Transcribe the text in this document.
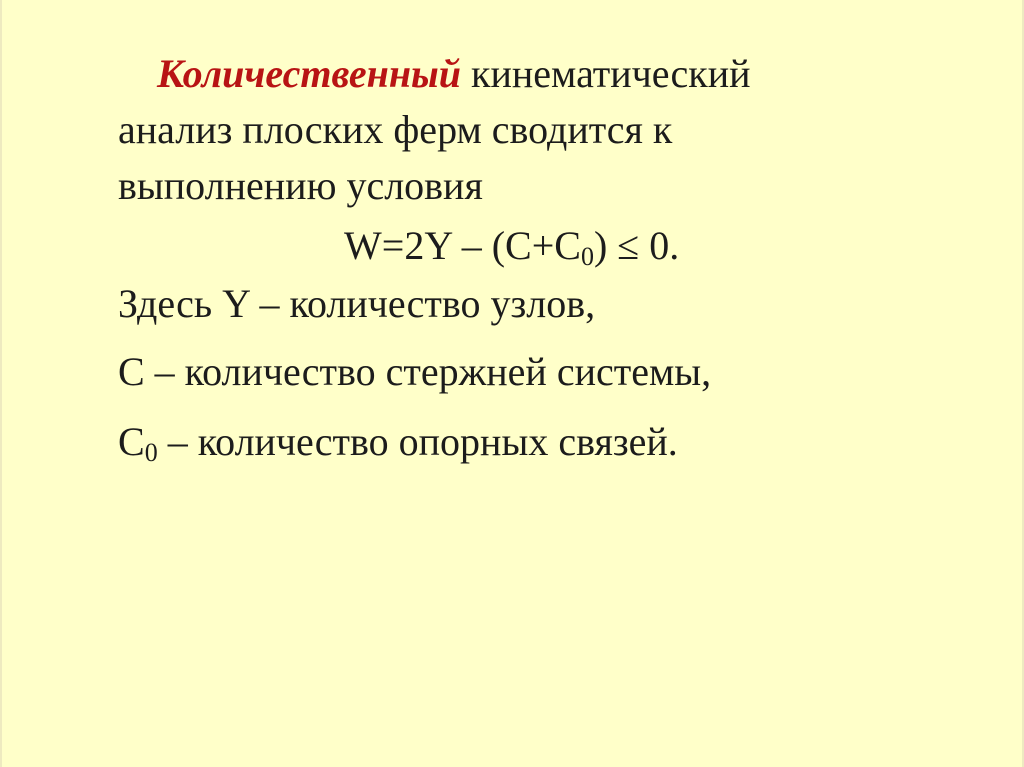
Количественный кинематический
анализ плоских ферм сводится к
выполнению условия
$W=2Y - (C+C_0) \le 0$.
Здесь Y – количество узлов,
C – количество стержней системы,
$C_0$ – количество опорных связей.
